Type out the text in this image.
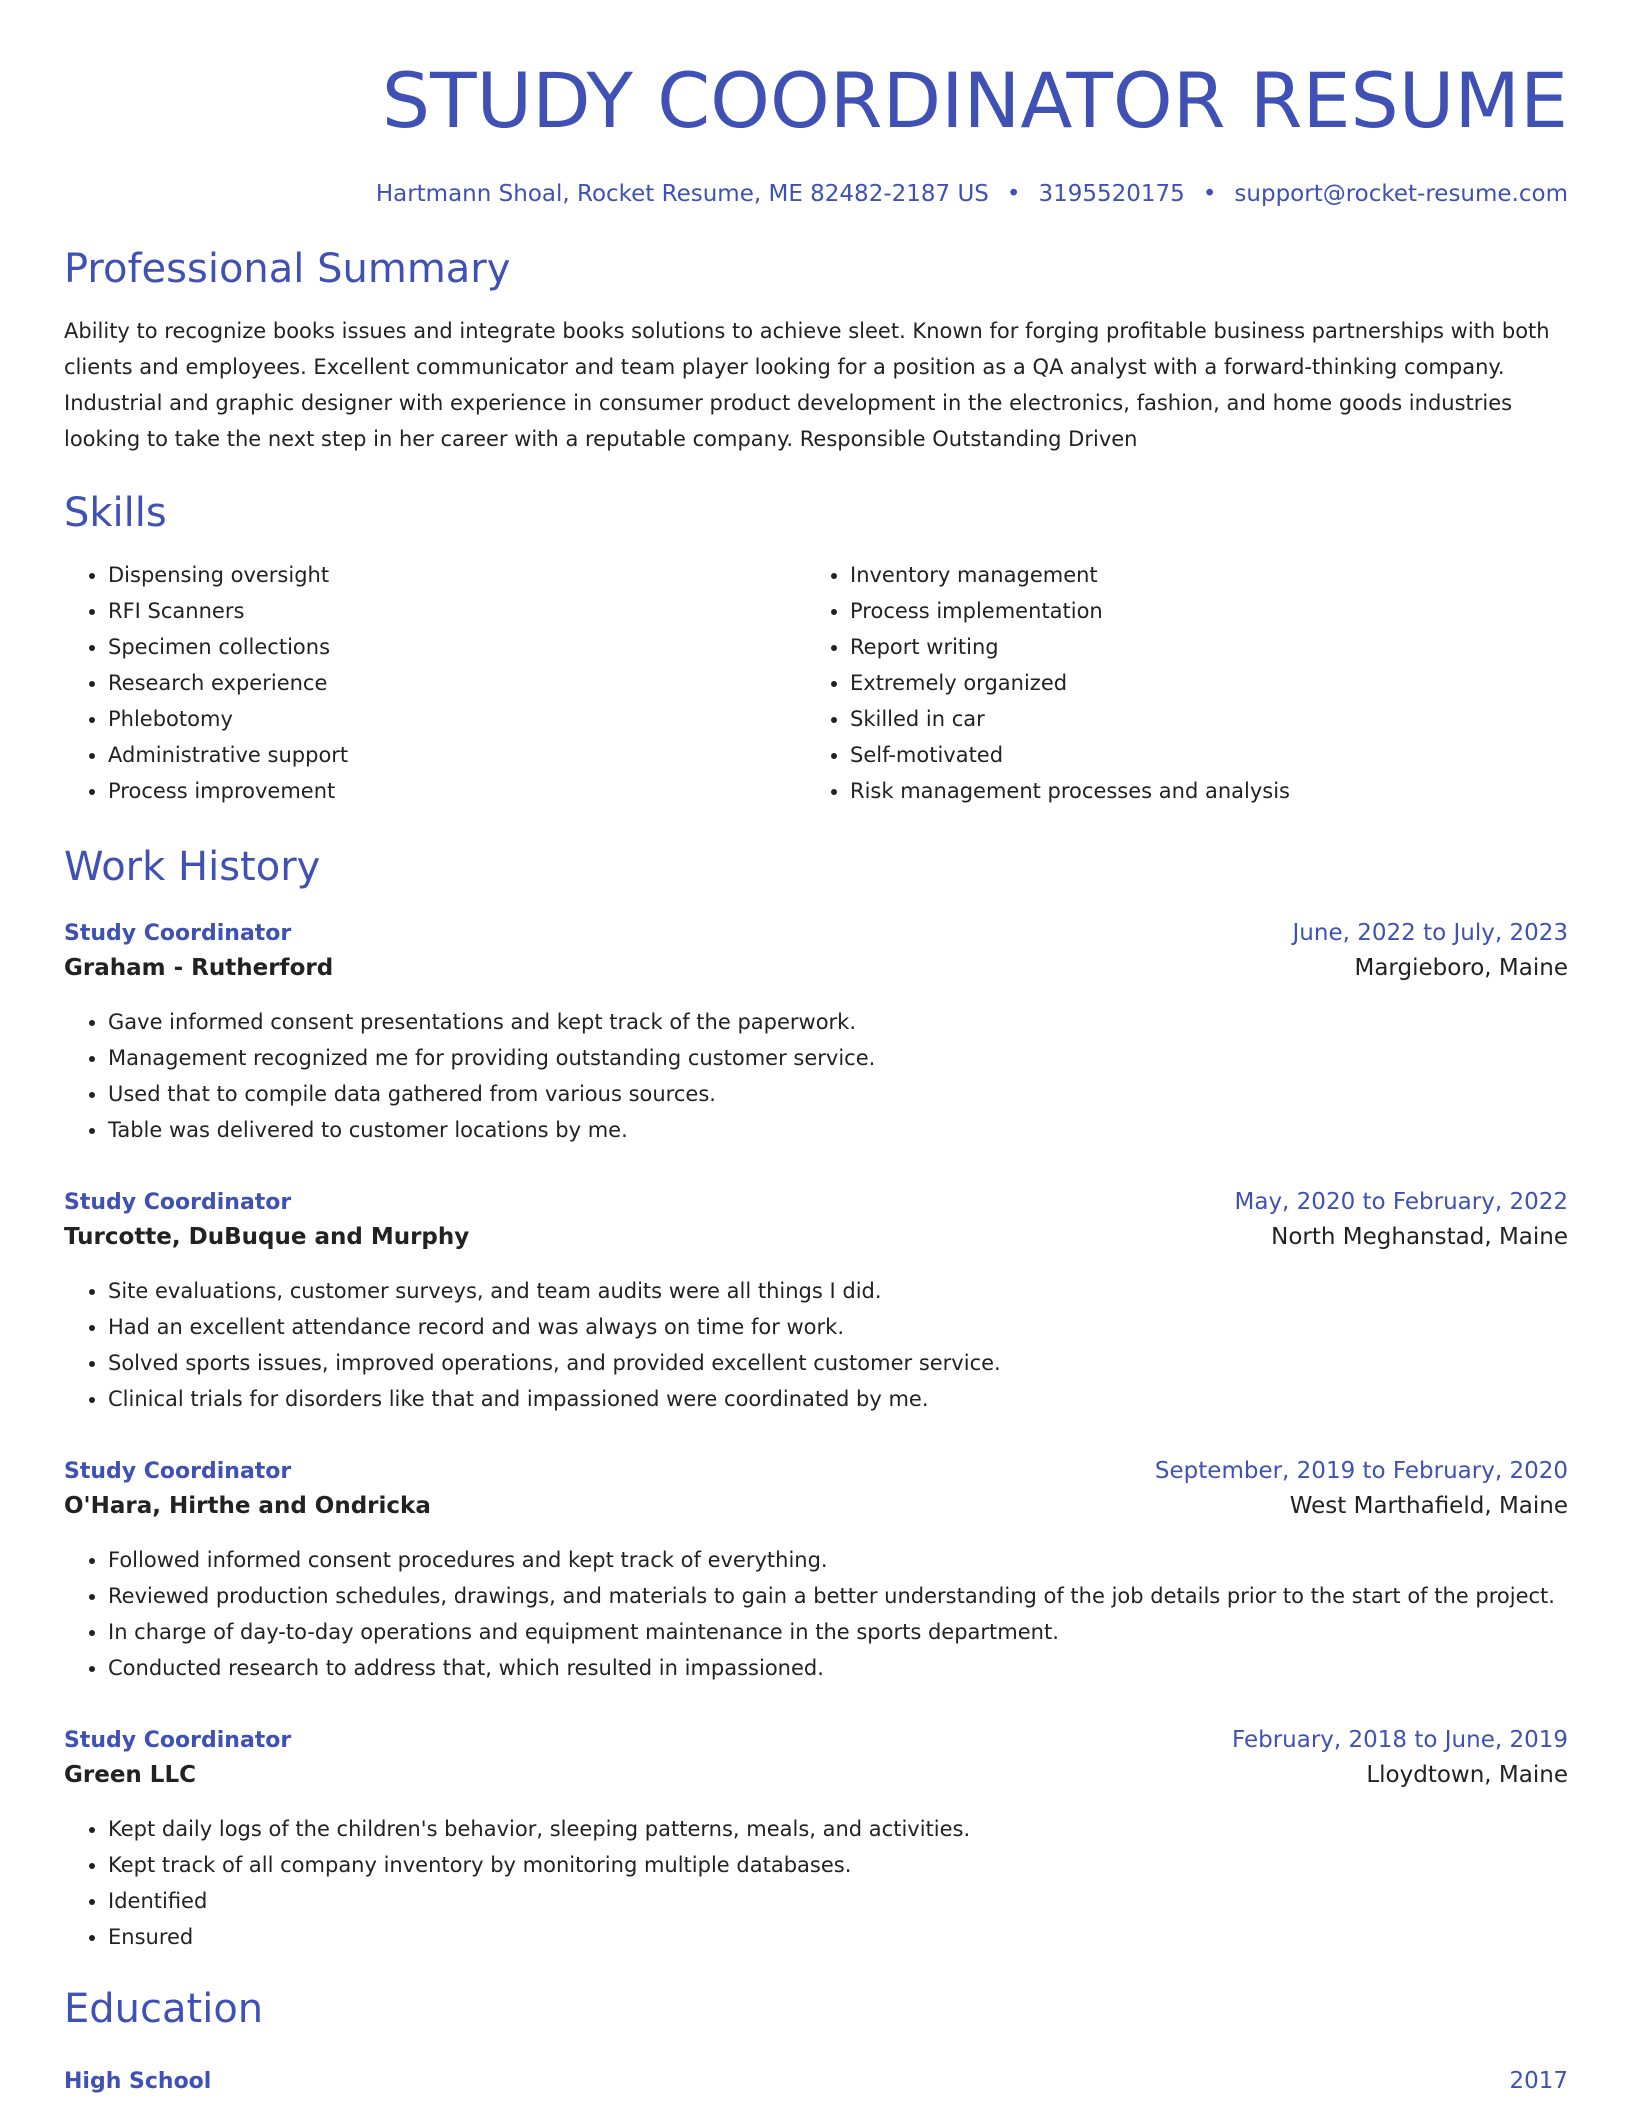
STUDY COORDINATOR RESUME
Hartmann Shoal, Rocket Resume, ME 82482-2187 US • 3195520175 • support@rocket-resume.com
Professional Summary
Ability to recognize books issues and integrate books solutions to achieve sleet. Known for forging profitable business partnerships with both clients and employees. Excellent communicator and team player looking for a position as a QA analyst with a forward-thinking company. Industrial and graphic designer with experience in consumer product development in the electronics, fashion, and home goods industries looking to take the next step in her career with a reputable company. Responsible Outstanding Driven
Skills
• Dispensing oversight
• RFI Scanners
• Specimen collections
• Research experience
• Phlebotomy
• Administrative support
• Process improvement
• Inventory management
• Process implementation
• Report writing
• Extremely organized
• Skilled in car
• Self-motivated
• Risk management processes and analysis
Work History
Study Coordinator	June, 2022 to July, 2023
Graham - Rutherford	Margieboro, Maine
• Gave informed consent presentations and kept track of the paperwork.
• Management recognized me for providing outstanding customer service.
• Used that to compile data gathered from various sources.
• Table was delivered to customer locations by me.
Study Coordinator	May, 2020 to February, 2022
Turcotte, DuBuque and Murphy	North Meghanstad, Maine
• Site evaluations, customer surveys, and team audits were all things I did.
• Had an excellent attendance record and was always on time for work.
• Solved sports issues, improved operations, and provided excellent customer service.
• Clinical trials for disorders like that and impassioned were coordinated by me.
Study Coordinator	September, 2019 to February, 2020
O'Hara, Hirthe and Ondricka	West Marthafield, Maine
• Followed informed consent procedures and kept track of everything.
• Reviewed production schedules, drawings, and materials to gain a better understanding of the job details prior to the start of the project.
• In charge of day-to-day operations and equipment maintenance in the sports department.
• Conducted research to address that, which resulted in impassioned.
Study Coordinator	February, 2018 to June, 2019
Green LLC	Lloydtown, Maine
• Kept daily logs of the children's behavior, sleeping patterns, meals, and activities.
• Kept track of all company inventory by monitoring multiple databases.
• Identified
• Ensured
Education
High School	2017
